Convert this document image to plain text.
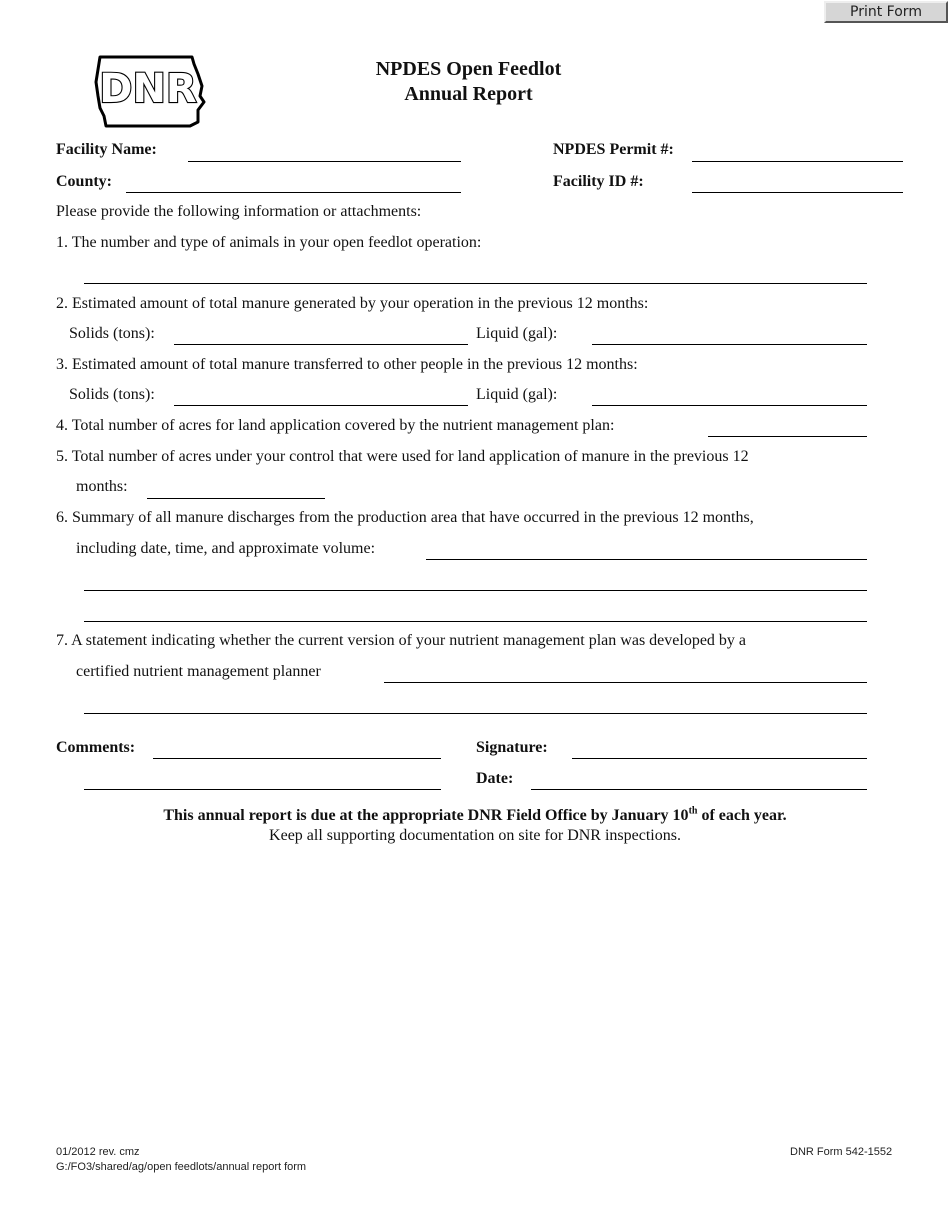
Print Form
DNR	NPDES Open Feedlot
Annual Report
Facility Name:	NPDES Permit #:
County:	Facility ID #:
Please provide the following information or attachments:
1. The number and type of animals in your open feedlot operation:
2. Estimated amount of total manure generated by your operation in the previous 12 months:
Solids (tons):	Liquid (gal):
3. Estimated amount of total manure transferred to other people in the previous 12 months:
Solids (tons):	Liquid (gal):
4. Total number of acres for land application covered by the nutrient management plan:
5. Total number of acres under your control that were used for land application of manure in the previous 12
months:
6. Summary of all manure discharges from the production area that have occurred in the previous 12 months,
including date, time, and approximate volume:
7. A statement indicating whether the current version of your nutrient management plan was developed by a
certified nutrient management planner
Comments:	Signature:
Date:
This annual report is due at the appropriate DNR Field Office by January 10th of each year.
Keep all supporting documentation on site for DNR inspections.
01/2012 rev. cmz
G:/FO3/shared/ag/open feedlots/annual report form
DNR Form 542-1552
